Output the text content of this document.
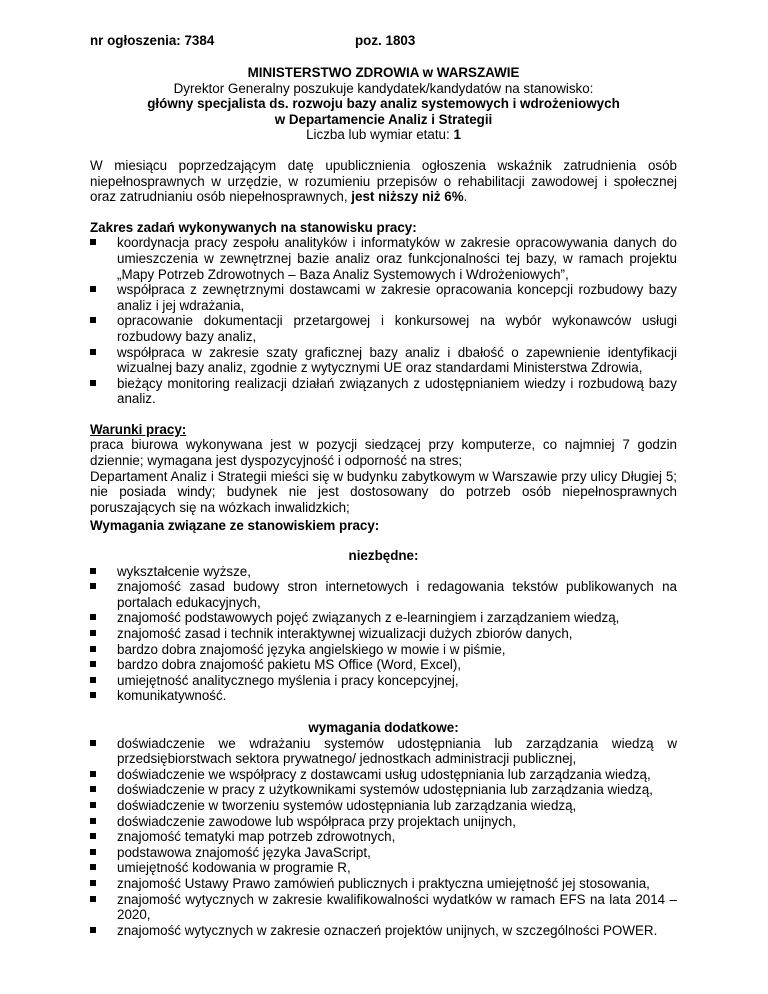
nr ogłoszenia: 7384	poz. 1803
MINISTERSTWO ZDROWIA w WARSZAWIE
Dyrektor Generalny poszukuje kandydatek/kandydatów na stanowisko:
główny specjalista ds. rozwoju bazy analiz systemowych i wdrożeniowych
w Departamencie Analiz i Strategii
Liczba lub wymiar etatu: 1

W miesiącu poprzedzającym datę upublicznienia ogłoszenia wskaźnik zatrudnienia osób niepełnosprawnych w urzędzie, w rozumieniu przepisów o rehabilitacji zawodowej i społecznej oraz zatrudnianiu osób niepełnosprawnych, jest niższy niż 6%.

Zakres zadań wykonywanych na stanowisku pracy:
koordynacja pracy zespołu analityków i informatyków w zakresie opracowywania danych do umieszczenia w zewnętrznej bazie analiz oraz funkcjonalności tej bazy, w ramach projektu „Mapy Potrzeb Zdrowotnych – Baza Analiz Systemowych i Wdrożeniowych”,
współpraca z zewnętrznymi dostawcami w zakresie opracowania koncepcji rozbudowy bazy analiz i jej wdrażania,
opracowanie dokumentacji przetargowej i konkursowej na wybór wykonawców usługi rozbudowy bazy analiz,
współpraca w zakresie szaty graficznej bazy analiz i dbałość o zapewnienie identyfikacji wizualnej bazy analiz, zgodnie z wytycznymi UE oraz standardami Ministerstwa Zdrowia,
bieżący monitoring realizacji działań związanych z udostępnianiem wiedzy i rozbudową bazy analiz.
Warunki pracy:

praca biurowa wykonywana jest w pozycji siedzącej przy komputerze, co najmniej 7 godzin dziennie; wymagana jest dyspozycyjność i odporność na stres;

Departament Analiz i Strategii mieści się w budynku zabytkowym w Warszawie przy ulicy Długiej 5; nie posiada windy; budynek nie jest dostosowany do potrzeb osób niepełnosprawnych poruszających się na wózkach inwalidzkich;

Wymagania związane ze stanowiskiem pracy:
niezbędne:
wykształcenie wyższe,
znajomość zasad budowy stron internetowych i redagowania tekstów publikowanych na portalach edukacyjnych,
znajomość podstawowych pojęć związanych z e-learningiem i zarządzaniem wiedzą,
znajomość zasad i technik interaktywnej wizualizacji dużych zbiorów danych,
bardzo dobra znajomość języka angielskiego w mowie i w piśmie,
bardzo dobra znajomość pakietu MS Office (Word, Excel),
umiejętność analitycznego myślenia i pracy koncepcyjnej,
komunikatywność.
wymagania dodatkowe:
doświadczenie we wdrażaniu systemów udostępniania lub zarządzania wiedzą w przedsiębiorstwach sektora prywatnego/ jednostkach administracji publicznej,
doświadczenie we współpracy z dostawcami usług udostępniania lub zarządzania wiedzą,
doświadczenie w pracy z użytkownikami systemów udostępniania lub zarządzania wiedzą,
doświadczenie w tworzeniu systemów udostępniania lub zarządzania wiedzą,
doświadczenie zawodowe lub współpraca przy projektach unijnych,
znajomość tematyki map potrzeb zdrowotnych,
podstawowa znajomość języka JavaScript,
umiejętność kodowania w programie R,
znajomość Ustawy Prawo zamówień publicznych i praktyczna umiejętność jej stosowania,
znajomość wytycznych w zakresie kwalifikowalności wydatków w ramach EFS na lata 2014 – 2020,
znajomość wytycznych w zakresie oznaczeń projektów unijnych, w szczególności POWER.
